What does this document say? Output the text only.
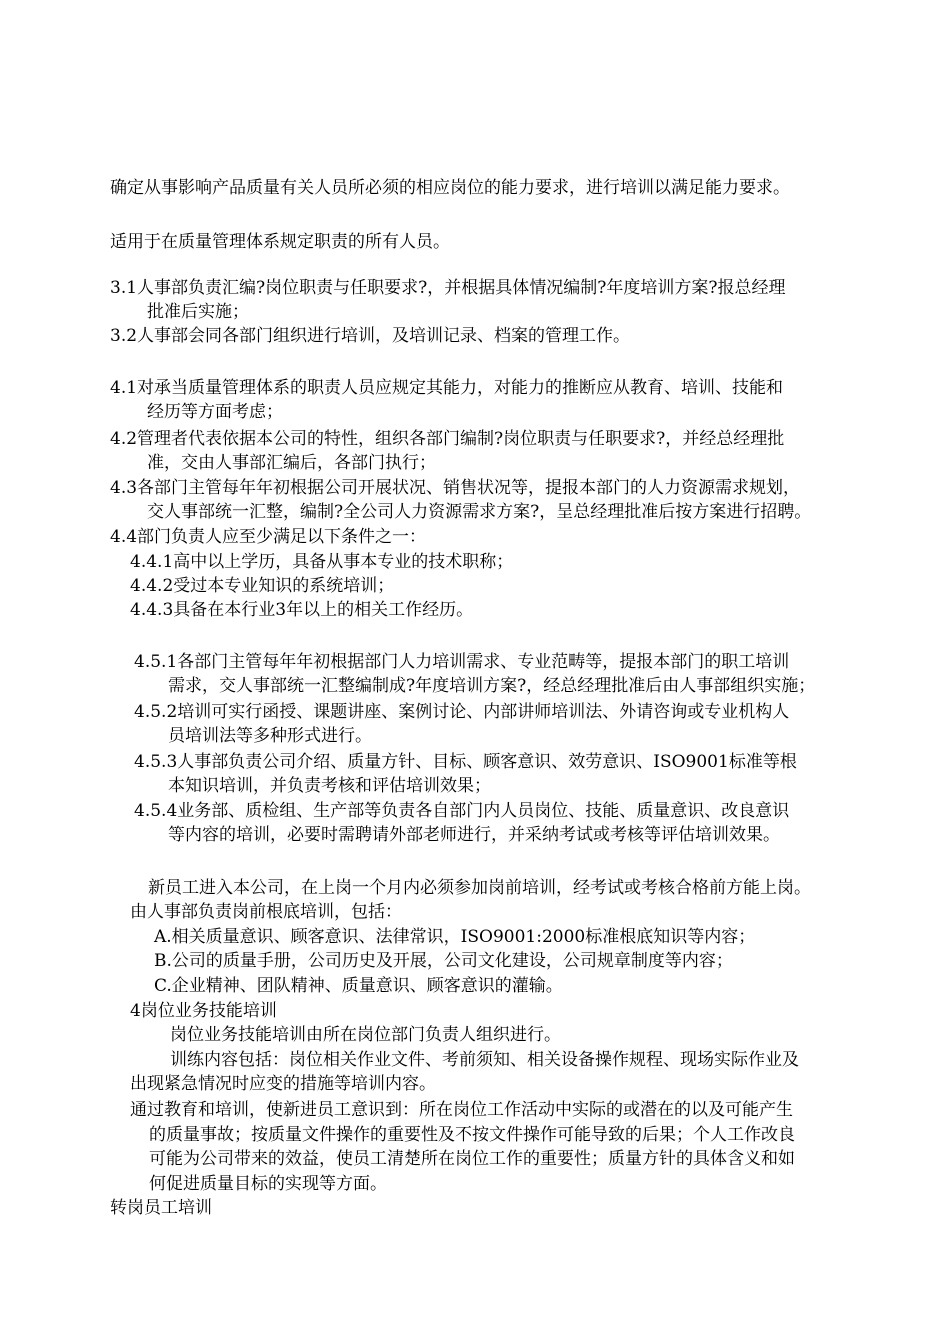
确定从事影响产品质量有关人员所必须的相应岗位的能力要求，进行培训以满足能力要求。
适用于在质量管理体系规定职责的所有人员。
3.1人事部负责汇编?岗位职责与任职要求?，并根据具体情况编制?年度培训方案?报总经理
批准后实施；
3.2人事部会同各部门组织进行培训，及培训记录、档案的管理工作。
4.1对承当质量管理体系的职责人员应规定其能力，对能力的推断应从教育、培训、技能和
经历等方面考虑；
4.2管理者代表依据本公司的特性，组织各部门编制?岗位职责与任职要求?，并经总经理批
准，交由人事部汇编后，各部门执行；
4.3各部门主管每年年初根据公司开展状况、销售状况等，提报本部门的人力资源需求规划，
交人事部统一汇整，编制?全公司人力资源需求方案?，呈总经理批准后按方案进行招聘。
4.4部门负责人应至少满足以下条件之一：
4.4.1高中以上学历，具备从事本专业的技术职称；
4.4.2受过本专业知识的系统培训；
4.4.3具备在本行业3年以上的相关工作经历。
4.5.1各部门主管每年年初根据部门人力培训需求、专业范畴等，提报本部门的职工培训
需求，交人事部统一汇整编制成?年度培训方案?，经总经理批准后由人事部组织实施；
4.5.2培训可实行函授、课题讲座、案例讨论、内部讲师培训法、外请咨询或专业机构人
员培训法等多种形式进行。
4.5.3人事部负责公司介绍、质量方针、目标、顾客意识、效劳意识、ISO9001标准等根
本知识培训，并负责考核和评估培训效果；
4.5.4业务部、质检组、生产部等负责各自部门内人员岗位、技能、质量意识、改良意识
等内容的培训，必要时需聘请外部老师进行，并采纳考试或考核等评估培训效果。
新员工进入本公司，在上岗一个月内必须参加岗前培训，经考试或考核合格前方能上岗。
由人事部负责岗前根底培训，包括：
A.相关质量意识、顾客意识、法律常识，ISO9001:2000标准根底知识等内容；
B.公司的质量手册，公司历史及开展，公司文化建设，公司规章制度等内容；
C.企业精神、团队精神、质量意识、顾客意识的灌输。
4岗位业务技能培训
岗位业务技能培训由所在岗位部门负责人组织进行。
训练内容包括：岗位相关作业文件、考前须知、相关设备操作规程、现场实际作业及
出现紧急情况时应变的措施等培训内容。
通过教育和培训，使新进员工意识到：所在岗位工作活动中实际的或潜在的以及可能产生
的质量事故；按质量文件操作的重要性及不按文件操作可能导致的后果；个人工作改良
可能为公司带来的效益，使员工清楚所在岗位工作的重要性；质量方针的具体含义和如
何促进质量目标的实现等方面。
转岗员工培训
